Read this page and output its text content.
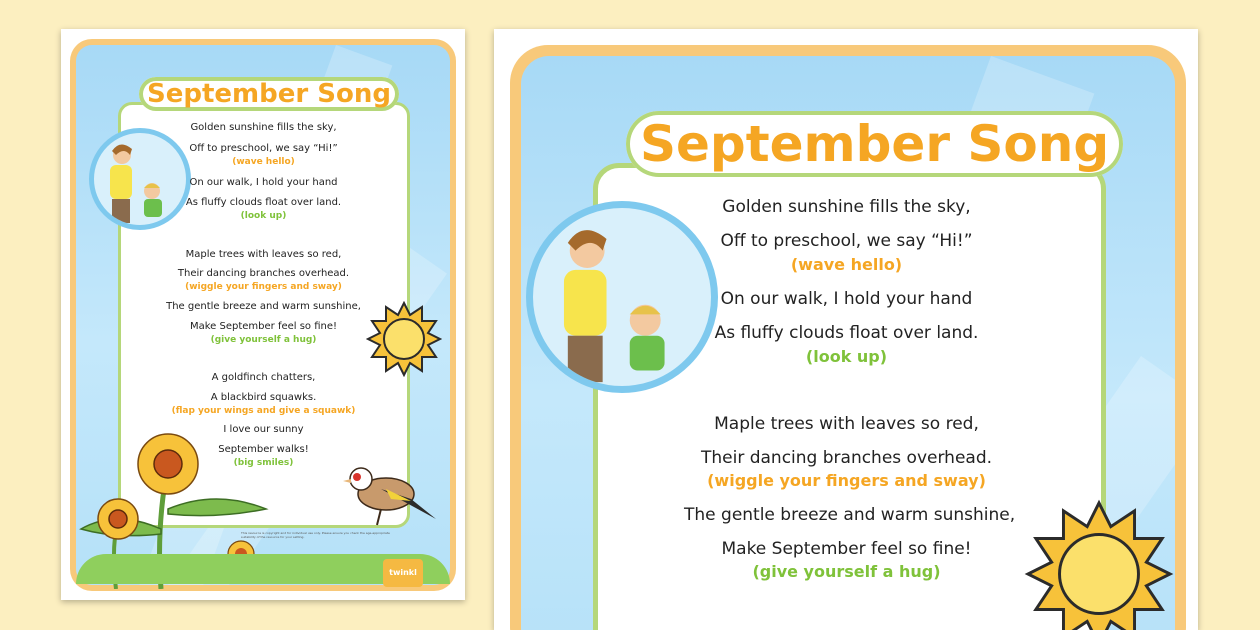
September Song
Golden sunshine fills the sky,
Off to preschool, we say “Hi!”
(wave hello)
On our walk, I hold your hand
As fluffy clouds float over land.
(look up)
Maple trees with leaves so red,
Their dancing branches overhead.
(wiggle your fingers and sway)
The gentle breeze and warm sunshine,
Make September feel so fine!
(give yourself a hug)
A goldfinch chatters,
A blackbird squawks.
(flap your wings and give a squawk)
I love our sunny
September walks!
(big smiles)
This resource is copyright and for individual use only. Please ensure you check the age-appropriate suitability of the resource for your setting.
twinkl
September Song
Golden sunshine fills the sky,
Off to preschool, we say “Hi!”
(wave hello)
On our walk, I hold your hand
As fluffy clouds float over land.
(look up)
Maple trees with leaves so red,
Their dancing branches overhead.
(wiggle your fingers and sway)
The gentle breeze and warm sunshine,
Make September feel so fine!
(give yourself a hug)
